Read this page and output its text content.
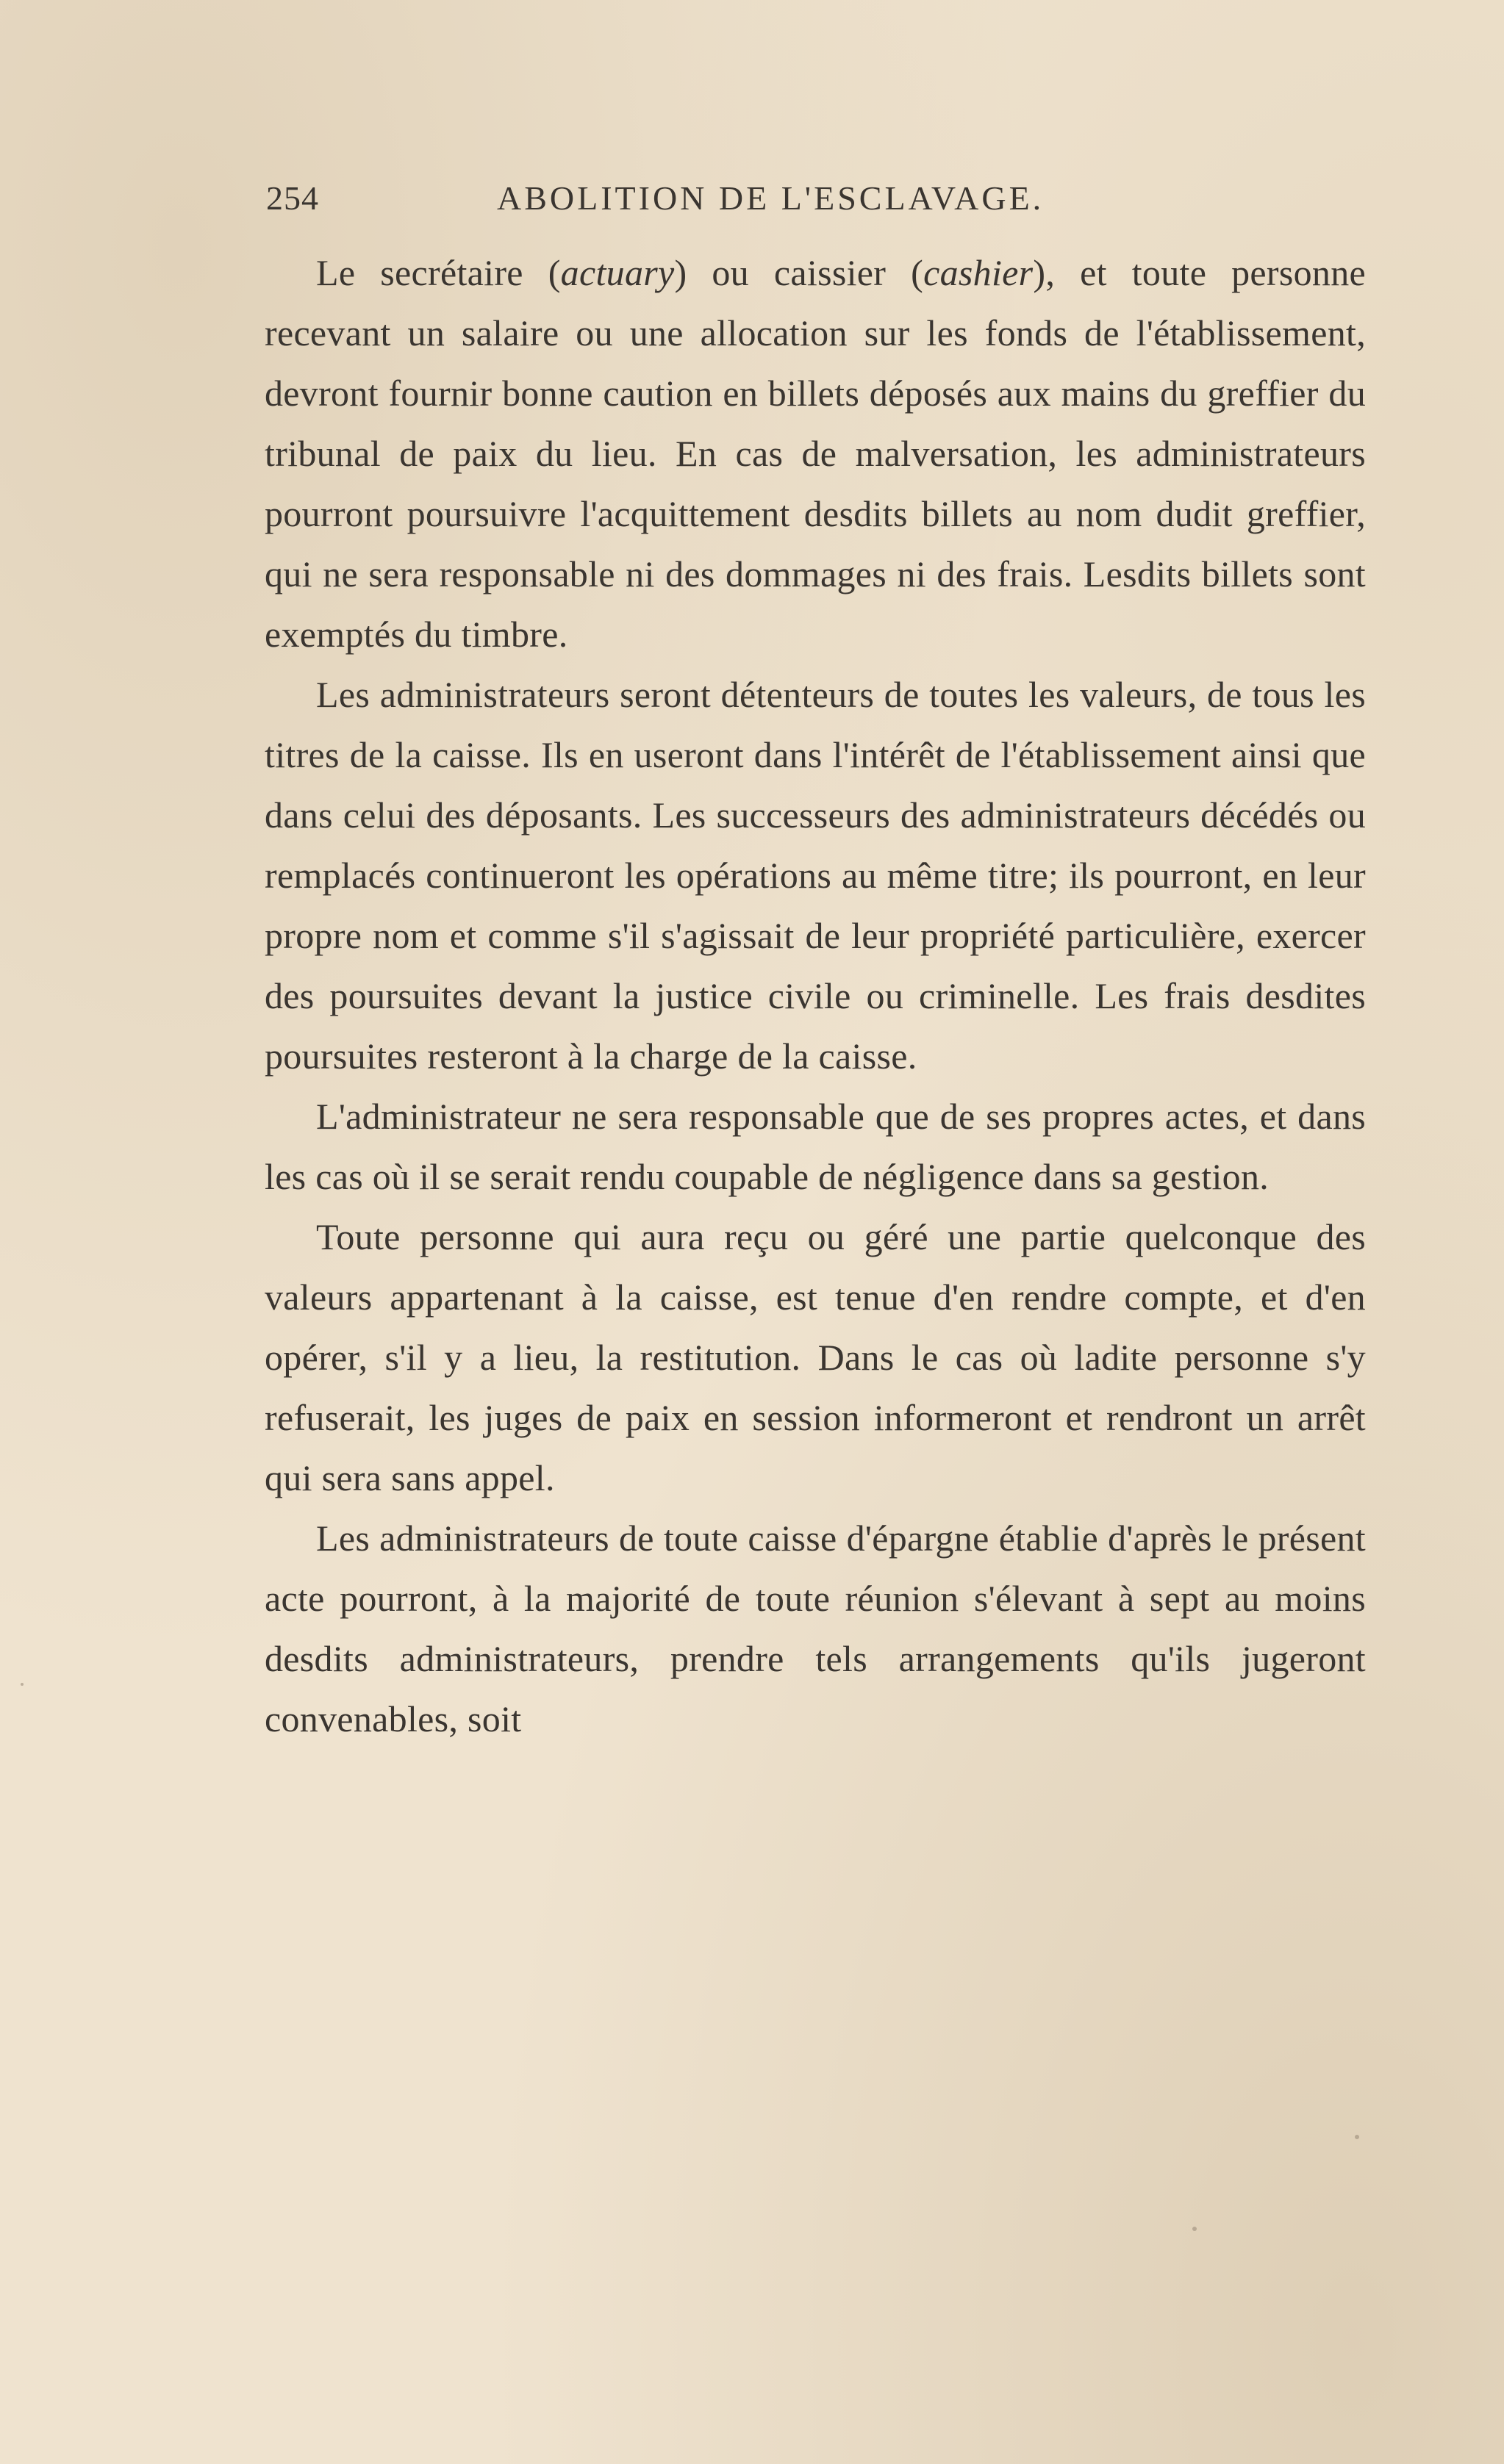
254	ABOLITION DE L'ESCLAVAGE.

Le secrétaire (actuary) ou caissier (cashier), et toute personne recevant un salaire ou une allocation sur les fonds de l'établissement, devront fournir bonne caution en billets déposés aux mains du greffier du tribunal de paix du lieu. En cas de malversation, les administrateurs pourront poursuivre l'acquittement desdits billets au nom dudit greffier, qui ne sera responsable ni des dommages ni des frais. Lesdits billets sont exemptés du timbre.

Les administrateurs seront détenteurs de toutes les valeurs, de tous les titres de la caisse. Ils en useront dans l'intérêt de l'établissement ainsi que dans celui des déposants. Les successeurs des administrateurs décédés ou remplacés continueront les opérations au même titre; ils pourront, en leur propre nom et comme s'il s'agissait de leur propriété particulière, exercer des poursuites devant la justice civile ou criminelle. Les frais desdites poursuites resteront à la charge de la caisse.

L'administrateur ne sera responsable que de ses propres actes, et dans les cas où il se serait rendu coupable de négligence dans sa gestion.

Toute personne qui aura reçu ou géré une partie quelconque des valeurs appartenant à la caisse, est tenue d'en rendre compte, et d'en opérer, s'il y a lieu, la restitution. Dans le cas où ladite personne s'y refuserait, les juges de paix en session informeront et rendront un arrêt qui sera sans appel.

Les administrateurs de toute caisse d'épargne établie d'après le présent acte pourront, à la majorité de toute réunion s'élevant à sept au moins desdits administrateurs, prendre tels arrangements qu'ils jugeront convenables, soit
